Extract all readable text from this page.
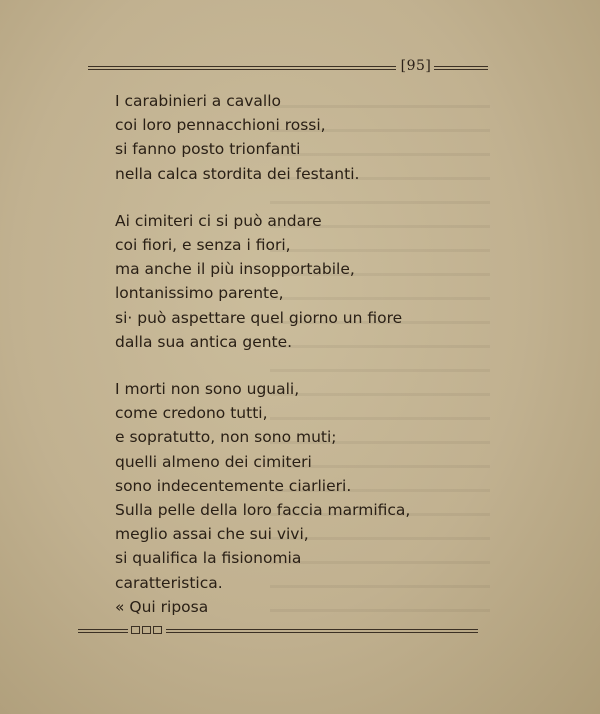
[95]
I carabinieri a cavallo
coi loro pennacchioni rossi,
si fanno posto trionfanti
nella calca stordita dei festanti.
Ai cimiteri ci si può andare
coi fiori, e senza i fiori,
ma anche il più insopportabile,
lontanissimo parente,
si· può aspettare quel giorno un fiore
dalla sua antica gente.
I morti non sono uguali,
come credono tutti,
e sopratutto, non sono muti;
quelli almeno dei cimiteri
sono indecentemente ciarlieri.
Sulla pelle della loro faccia marmifica,
meglio assai che sui vivi,
si qualifica la fisionomia
caratteristica.
« Qui riposa
